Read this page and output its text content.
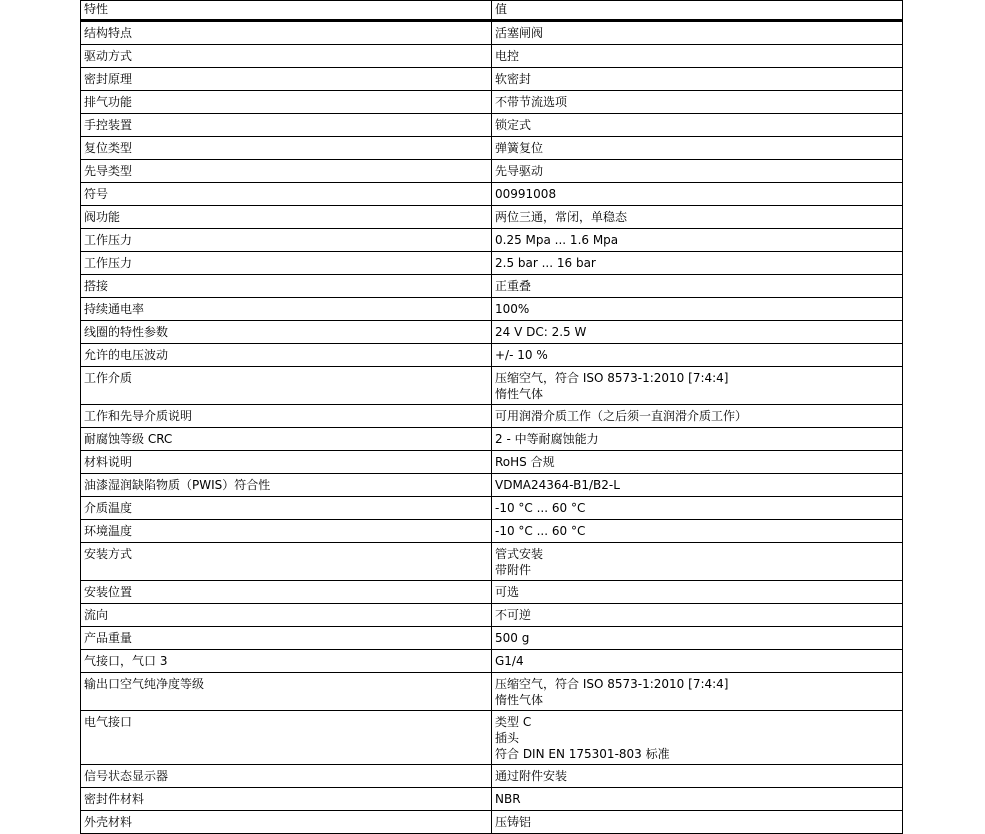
特性	值
结构特点	活塞闸阀

驱动方式	电控

密封原理	软密封

排气功能	不带节流选项

手控装置	锁定式

复位类型	弹簧复位

先导类型	先导驱动

符号	00991008

阀功能	两位三通，常闭，单稳态

工作压力	0.25 Mpa ... 1.6 Mpa

工作压力	2.5 bar ... 16 bar

搭接	正重叠

持续通电率	100%

线圈的特性参数	24 V DC: 2.5 W

允许的电压波动	+/- 10 %

工作介质	压缩空气，符合 ISO 8573-1:2010 [7:4:4]
惰性气体

工作和先导介质说明	可用润滑介质工作（之后须一直润滑介质工作）

耐腐蚀等级 CRC	2 - 中等耐腐蚀能力

材料说明	RoHS 合规

油漆湿润缺陷物质（PWIS）符合性	VDMA24364-B1/B2-L

介质温度	-10 °C ... 60 °C

环境温度	-10 °C ... 60 °C

安装方式	管式安装
带附件

安装位置	可选

流向	不可逆

产品重量	500 g

气接口，气口 3	G1/4

输出口空气纯净度等级	压缩空气，符合 ISO 8573-1:2010 [7:4:4]
惰性气体

电气接口	类型 C
插头
符合 DIN EN 175301-803 标准

信号状态显示器	通过附件安装

密封件材料	NBR

外壳材料	压铸铝
